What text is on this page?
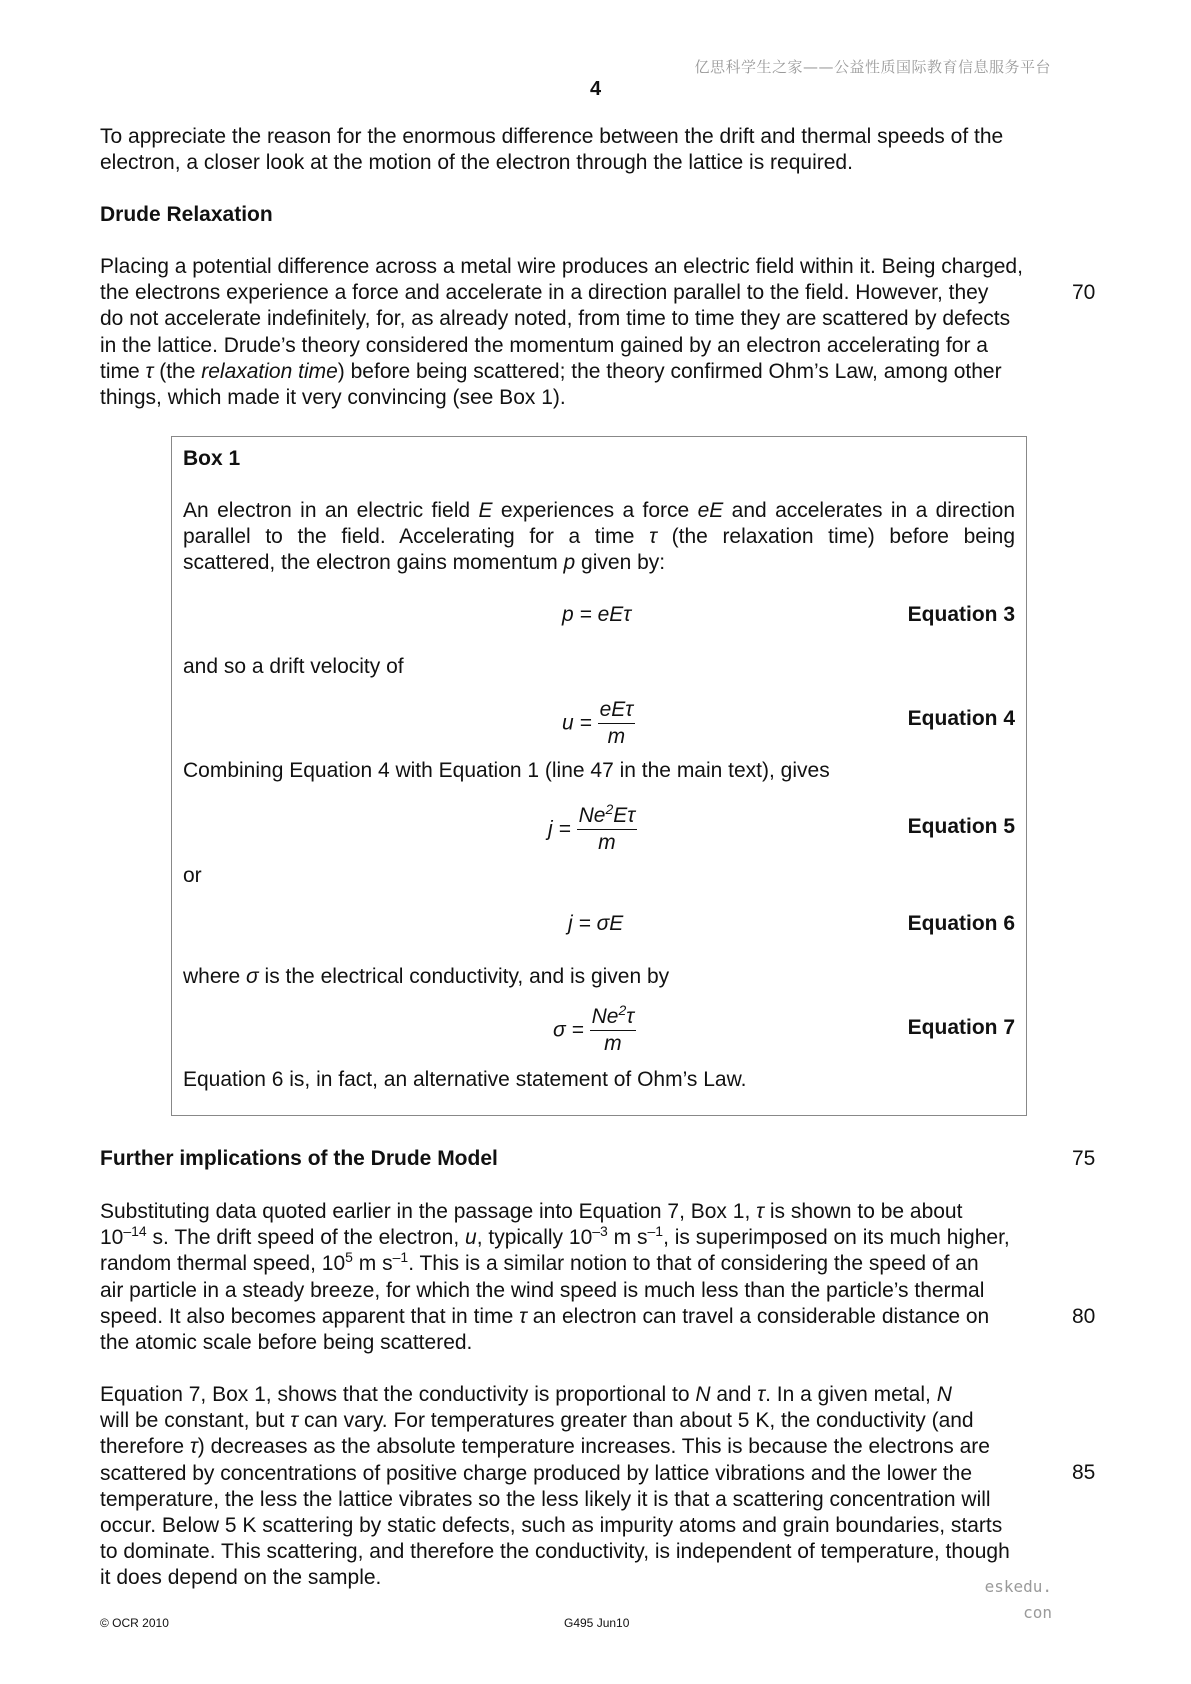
亿思科学生之家——公益性质国际教育信息服务平台
4
To appreciate the reason for the enormous difference between the drift and thermal speeds of the
electron, a closer look at the motion of the electron through the lattice is required.
Drude Relaxation
Placing a potential difference across a metal wire produces an electric field within it. Being charged,
the electrons experience a force and accelerate in a direction parallel to the field. However, they
do not accelerate indefinitely, for, as already noted, from time to time they are scattered by defects
in the lattice. Drude’s theory considered the momentum gained by an electron accelerating for a
time τ (the relaxation time) before being scattered; the theory confirmed Ohm’s Law, among other
things, which made it very convincing (see Box 1).
70
Box 1
An electron in an electric field E experiences a force eE and accelerates in a direction
parallel to the field. Accelerating for a time τ (the relaxation time) before being
scattered, the electron gains momentum p given by:
p = eEτ	Equation 3
and so a drift velocity of
$u = \frac{\text{eEτ}}{m}$	Equation 4
Combining Equation 4 with Equation 1 (line 47 in the main text), gives
$j = \frac{Ne^2E\tau}{m}$	Equation 5
or
j = σE	Equation 6
where σ is the electrical conductivity, and is given by
$\sigma = \frac{Ne^2\tau}{m}$	Equation 7
Equation 6 is, in fact, an alternative statement of Ohm’s Law.
Further implications of the Drude Model	75
Substituting data quoted earlier in the passage into Equation 7, Box 1, τ is shown to be about
$10^{-14}$ s. The drift speed of the electron, u, typically $10^{-3}$ m $s^{-1}$, is superimposed on its much higher,
random thermal speed, $10^5$ m $s^{-1}$. This is a similar notion to that of considering the speed of an
air particle in a steady breeze, for which the wind speed is much less than the particle’s thermal
speed. It also becomes apparent that in time τ an electron can travel a considerable distance on
the atomic scale before being scattered.
80
Equation 7, Box 1, shows that the conductivity is proportional to N and τ. In a given metal, N
will be constant, but τ can vary. For temperatures greater than about 5 K, the conductivity (and
therefore τ) decreases as the absolute temperature increases. This is because the electrons are
scattered by concentrations of positive charge produced by lattice vibrations and the lower the
temperature, the less the lattice vibrates so the less likely it is that a scattering concentration will
occur. Below 5 K scattering by static defects, such as impurity atoms and grain boundaries, starts
to dominate. This scattering, and therefore the conductivity, is independent of temperature, though
it does depend on the sample.
85
eskedu. con
© OCR 2010	G495 Jun10
